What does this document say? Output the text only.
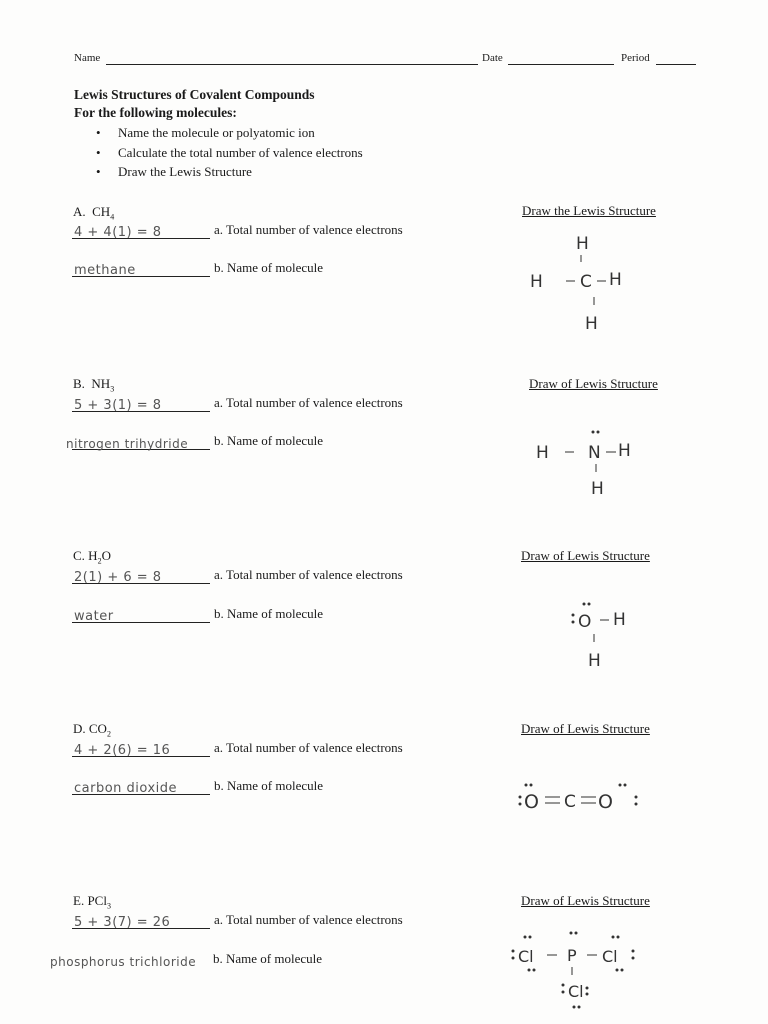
Name	Date	Period
Lewis Structures of Covalent Compounds
For the following molecules:
• Name the molecule or polyatomic ion
• Calculate the total number of valence electrons
• Draw the Lewis Structure
A. $CH_4$
4 + 4(1) = 8	a. Total number of valence electrons
methane	b. Name of molecule
Draw the Lewis Structure
H
H C H
H
B. $NH_3$
5 + 3(1) = 8	a. Total number of valence electrons
nitrogen trihydride b. Name of molecule
Draw of Lewis Structure
H N H
H
C. $H_2O$
2(1) + 6 = 8	a. Total number of valence electrons
water	b. Name of molecule
Draw of Lewis Structure
O H
H
D. $CO_2$
4 + 2(6) = 16	a. Total number of valence electrons
carbon dioxide	b. Name of molecule
Draw of Lewis Structure
O C O
E. PCl$_3$
5 + 3(7) = 26	a. Total number of valence electrons
phosphorus trichloride b. Name of molecule
Draw of Lewis Structure
Cl P Cl
Cl
